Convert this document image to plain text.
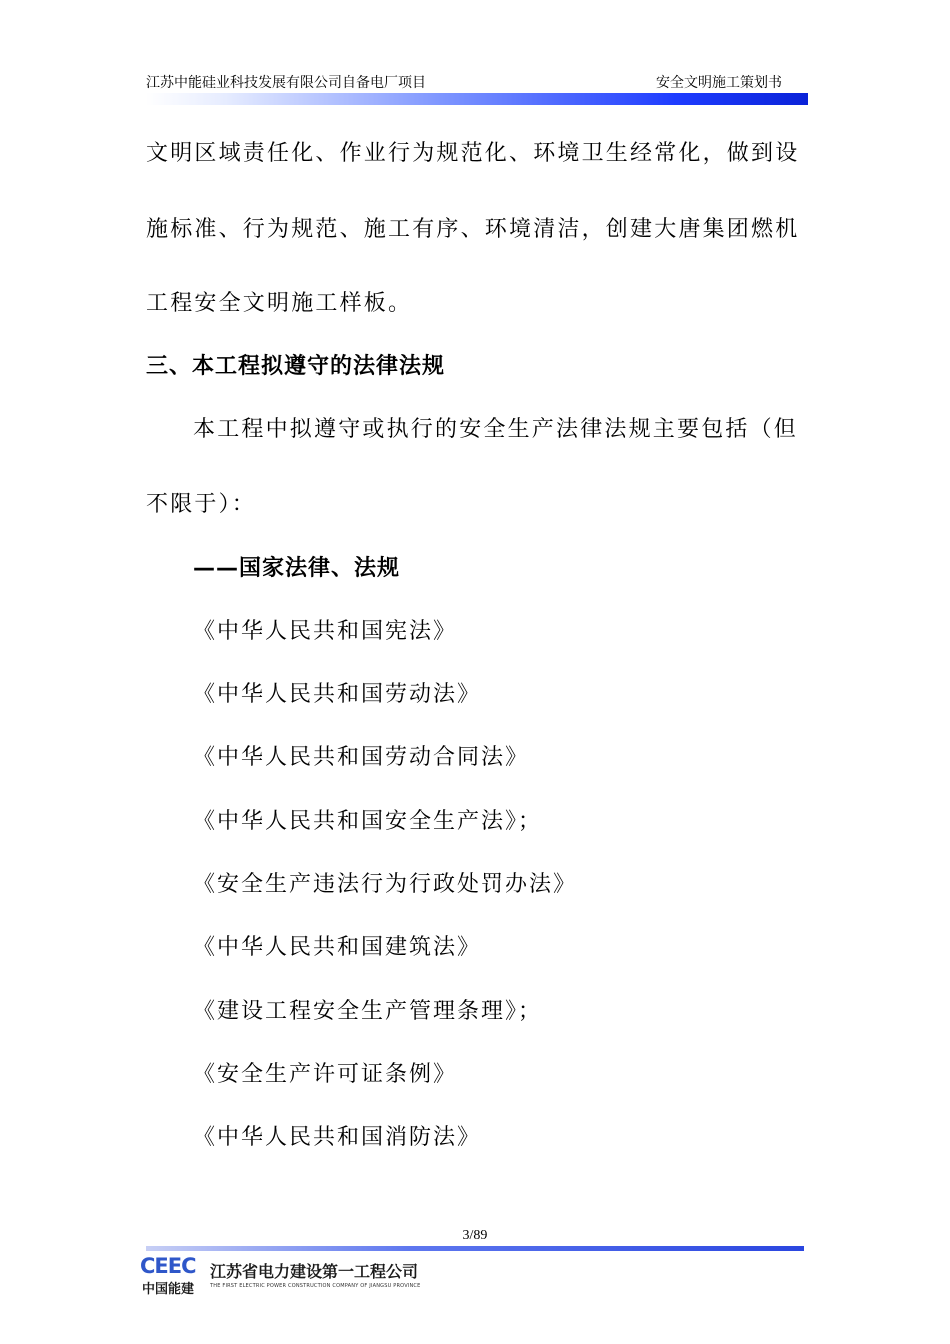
江苏中能硅业科技发展有限公司自备电厂项目	安全文明施工策划书
文明区域责任化、作业行为规范化、环境卫生经常化，做到设
施标准、行为规范、施工有序、环境清洁，创建大唐集团燃机
工程安全文明施工样板。
三、本工程拟遵守的法律法规
本工程中拟遵守或执行的安全生产法律法规主要包括（但
不限于）：
——国家法律、法规
《中华人民共和国宪法》
《中华人民共和国劳动法》
《中华人民共和国劳动合同法》
《中华人民共和国安全生产法》；
《安全生产违法行为行政处罚办法》
《中华人民共和国建筑法》
《建设工程安全生产管理条理》；
《安全生产许可证条例》
《中华人民共和国消防法》
3/89
CEEC
中国能建
江苏省电力建设第一工程公司
THE FIRST ELECTRIC POWER CONSTRUCTION COMPANY OF JIANGSU PROVINCE
